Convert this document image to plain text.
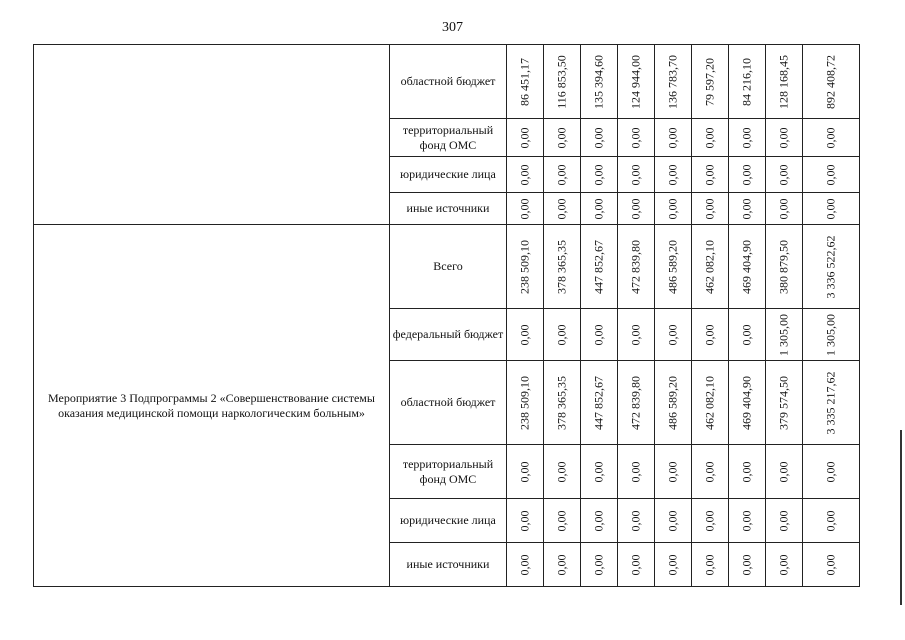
307
	областной бюджет	86 451,17	116 853,50	135 394,60	124 944,00	136 783,70	79 597,20	84 216,10	128 168,45	892 408,72

	территориальный фонд ОМС	0,00	0,00	0,00	0,00	0,00	0,00	0,00	0,00	0,00

	юридические лица	0,00	0,00	0,00	0,00	0,00	0,00	0,00	0,00	0,00

	иные источники	0,00	0,00	0,00	0,00	0,00	0,00	0,00	0,00	0,00

Мероприятие 3 Подпрограммы 2 «Совершенствование системы оказания медицинской помощи наркологическим больным»	Всего	238 509,10	378 365,35	447 852,67	472 839,80	486 589,20	462 082,10	469 404,90	380 879,50	3 336 522,62

	федеральный бюджет	0,00	0,00	0,00	0,00	0,00	0,00	0,00	1 305,00	1 305,00

	областной бюджет	238 509,10	378 365,35	447 852,67	472 839,80	486 589,20	462 082,10	469 404,90	379 574,50	3 335 217,62

	территориальный фонд ОМС	0,00	0,00	0,00	0,00	0,00	0,00	0,00	0,00	0,00

	юридические лица	0,00	0,00	0,00	0,00	0,00	0,00	0,00	0,00	0,00

	иные источники	0,00	0,00	0,00	0,00	0,00	0,00	0,00	0,00	0,00
